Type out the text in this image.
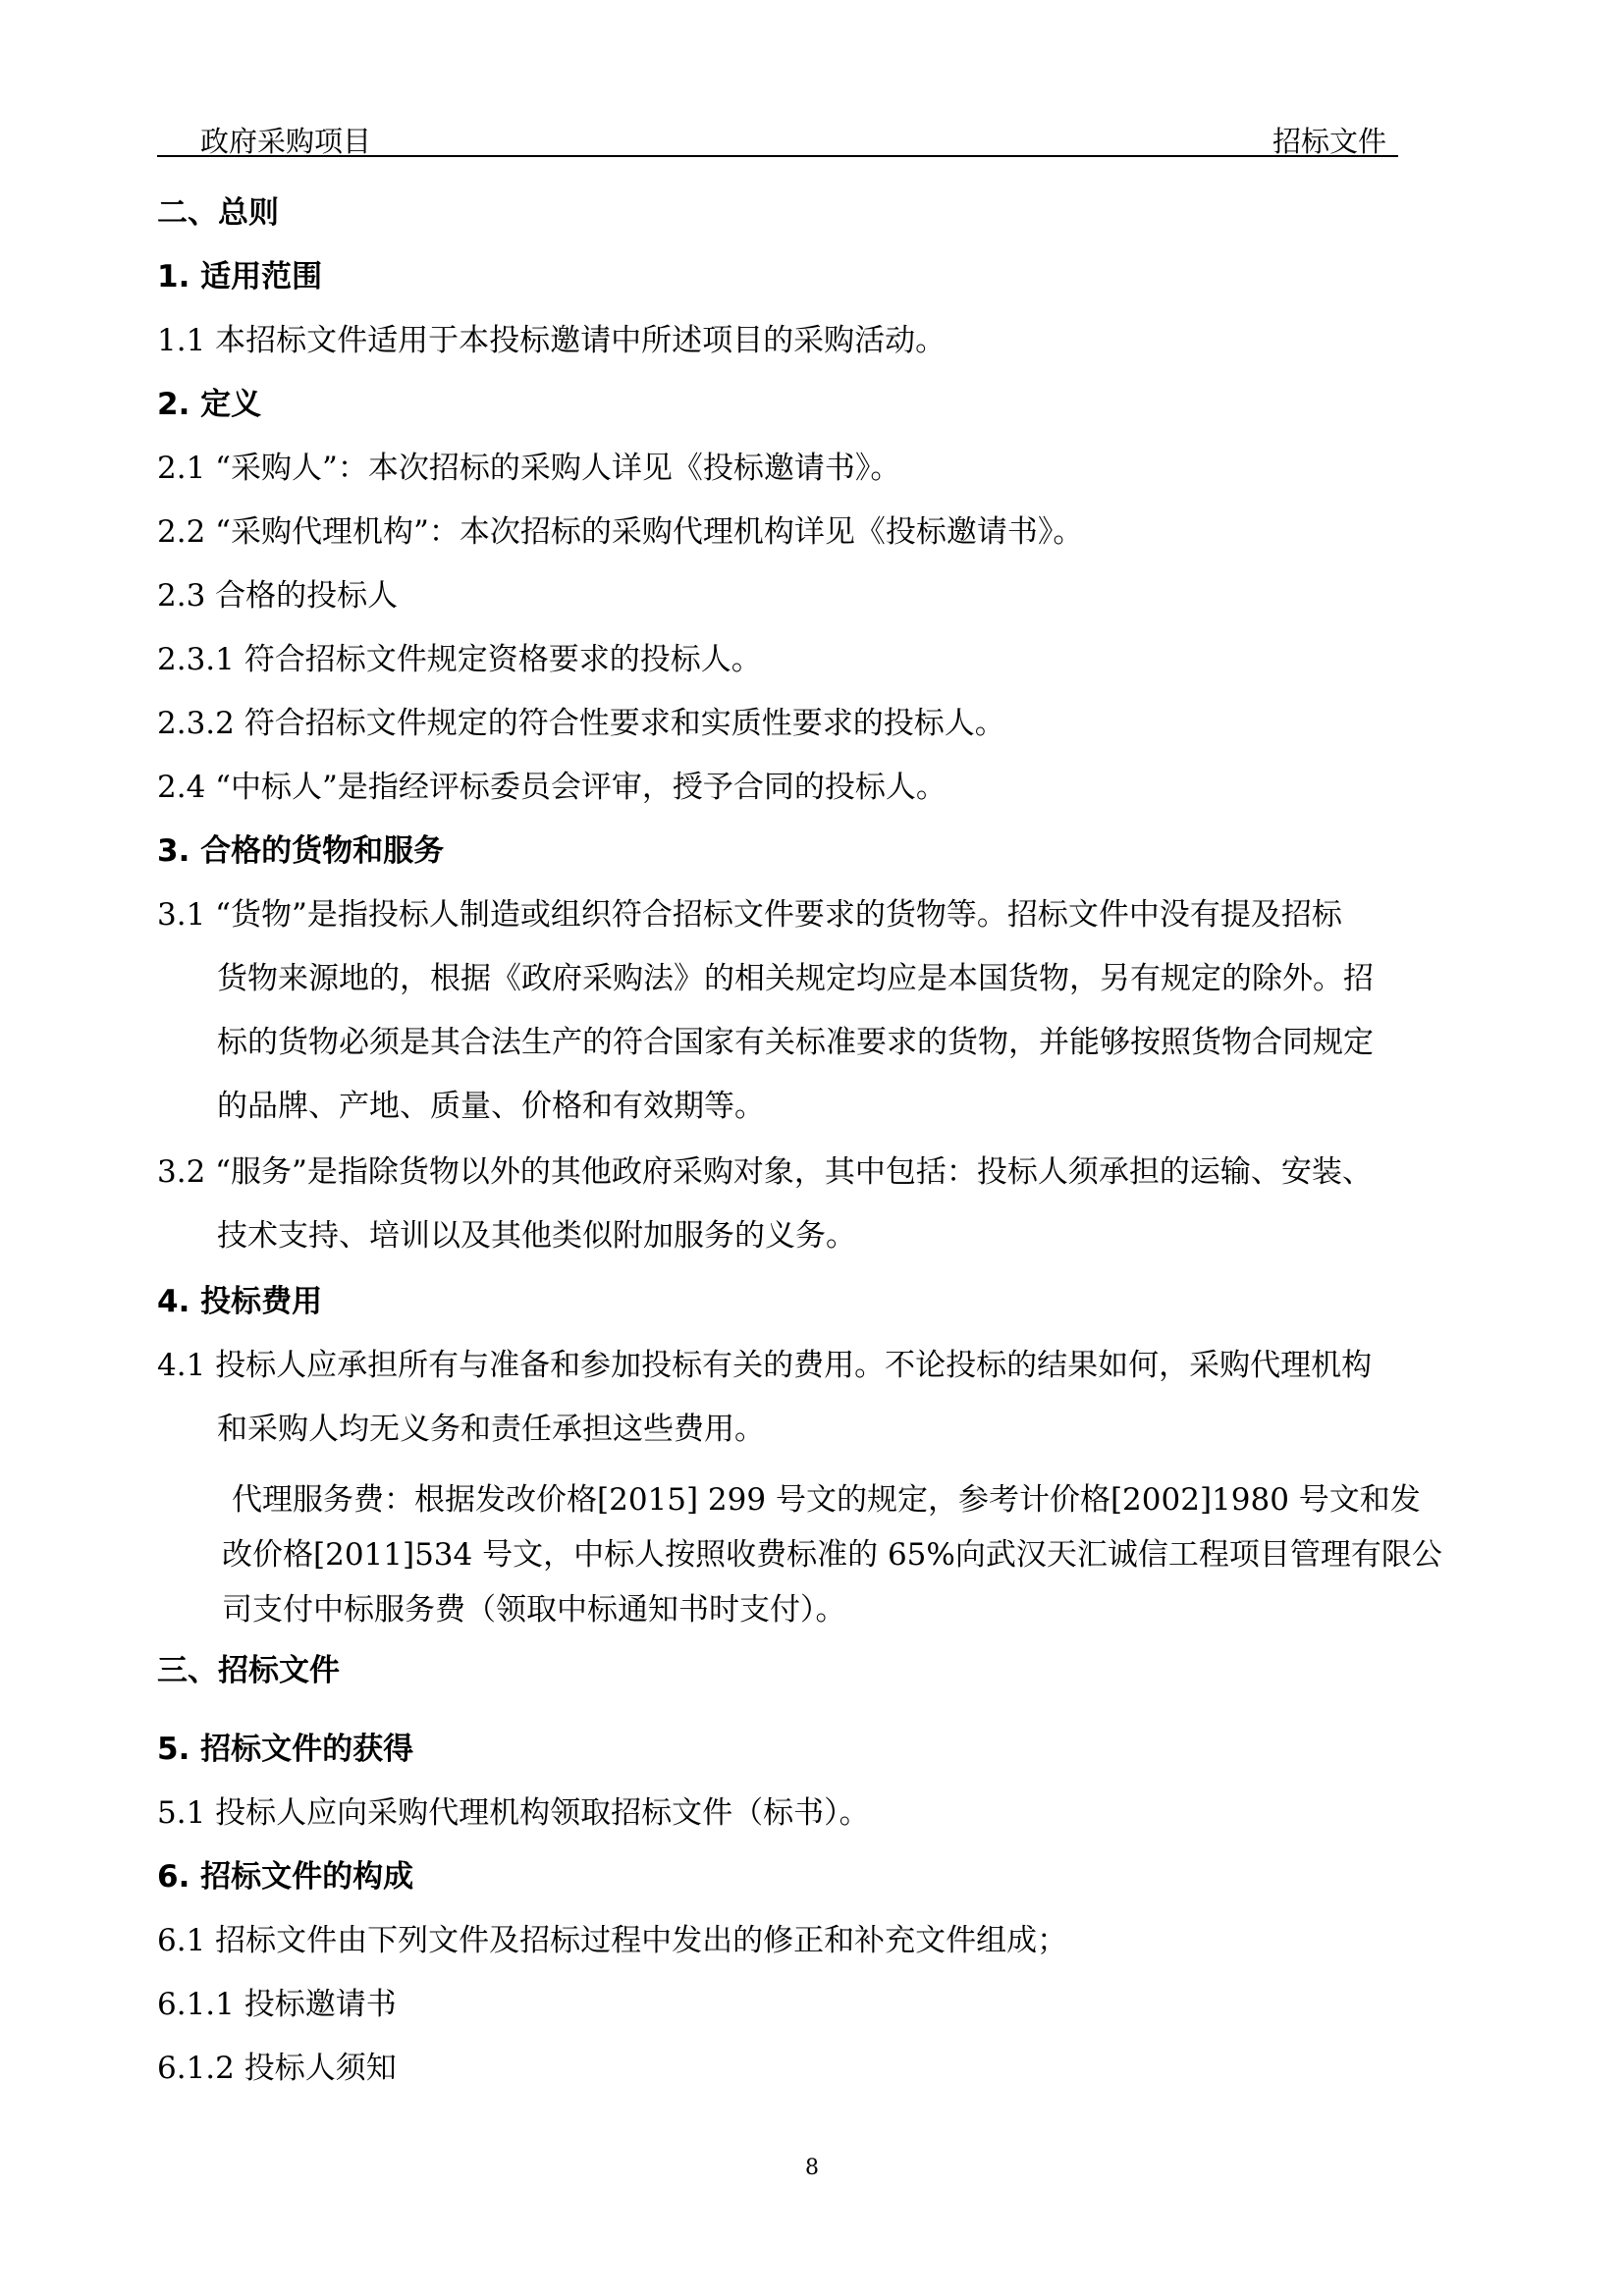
政府采购项目	招标文件
二、总则
1. 适用范围
1.1 本招标文件适用于本投标邀请中所述项目的采购活动。
2. 定义
2.1 “采购人”：本次招标的采购人详见《投标邀请书》。
2.2 “采购代理机构”：本次招标的采购代理机构详见《投标邀请书》。
2.3 合格的投标人
2.3.1 符合招标文件规定资格要求的投标人。
2.3.2 符合招标文件规定的符合性要求和实质性要求的投标人。
2.4 “中标人”是指经评标委员会评审，授予合同的投标人。
3. 合格的货物和服务
3.1 “货物”是指投标人制造或组织符合招标文件要求的货物等。招标文件中没有提及招标
货物来源地的，根据《政府采购法》的相关规定均应是本国货物，另有规定的除外。招
标的货物必须是其合法生产的符合国家有关标准要求的货物，并能够按照货物合同规定
的品牌、产地、质量、价格和有效期等。
3.2 “服务”是指除货物以外的其他政府采购对象，其中包括：投标人须承担的运输、安装、
技术支持、培训以及其他类似附加服务的义务。
4. 投标费用
4.1 投标人应承担所有与准备和参加投标有关的费用。不论投标的结果如何，采购代理机构
和采购人均无义务和责任承担这些费用。
代理服务费：根据发改价格[2015] 299 号文的规定，参考计价格[2002]1980 号文和发
改价格[2011]534 号文，中标人按照收费标准的 65%向武汉天汇诚信工程项目管理有限公
司支付中标服务费（领取中标通知书时支付）。
三、招标文件
5. 招标文件的获得
5.1 投标人应向采购代理机构领取招标文件（标书）。
6. 招标文件的构成
6.1 招标文件由下列文件及招标过程中发出的修正和补充文件组成；
6.1.1 投标邀请书
6.1.2 投标人须知
8
